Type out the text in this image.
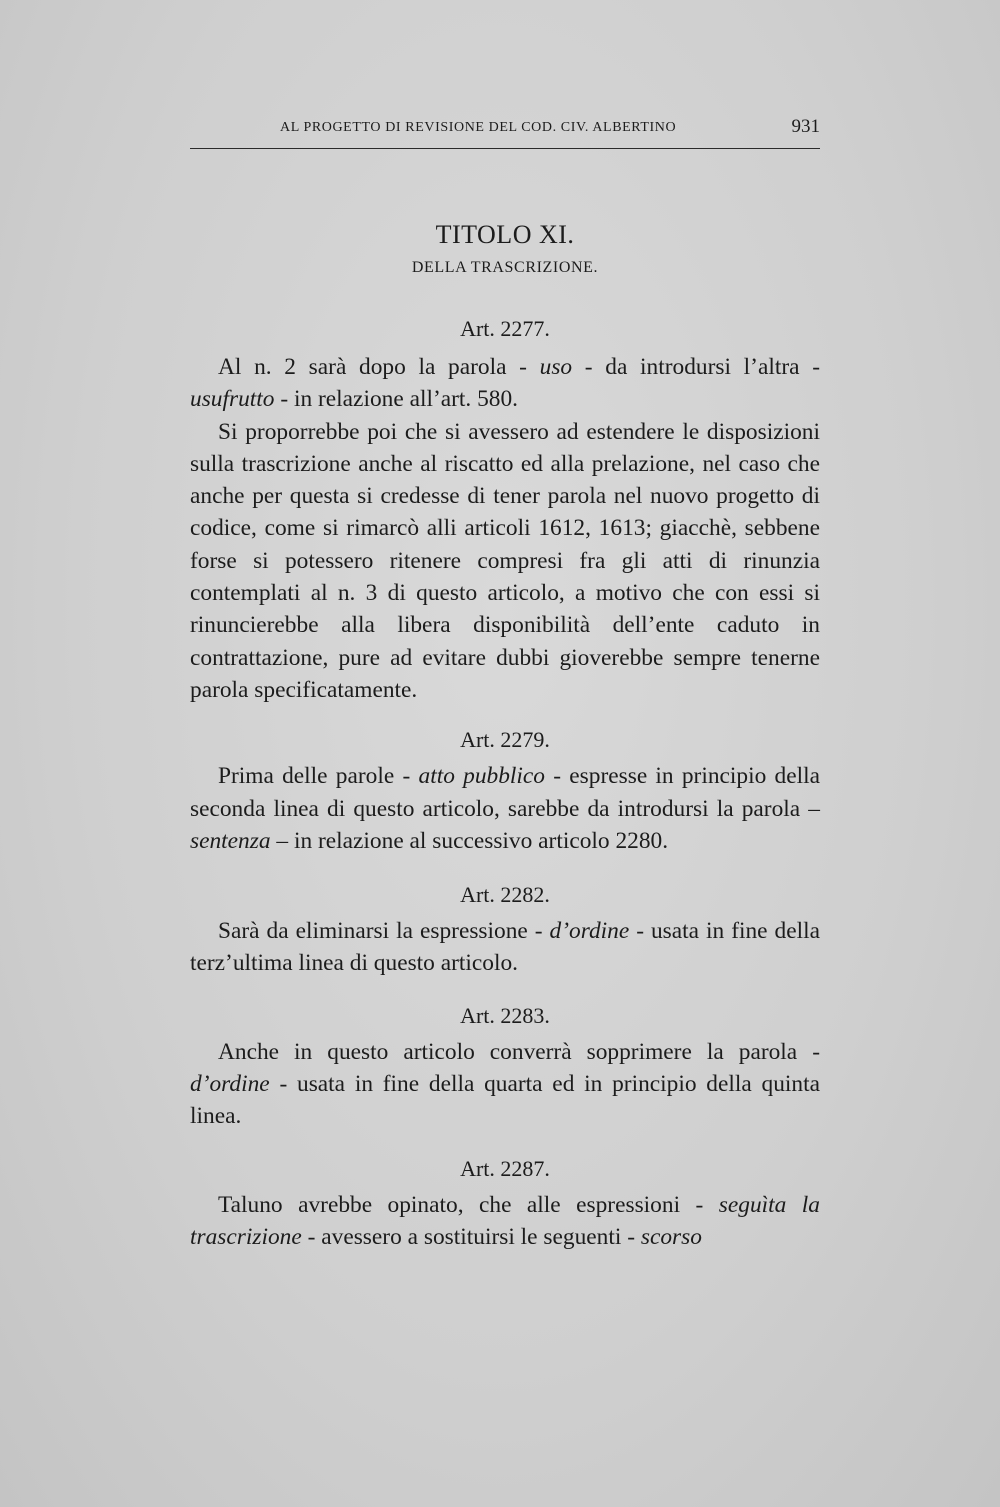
AL PROGETTO DI REVISIONE DEL COD. CIV. ALBERTINO	931
TITOLO XI.
DELLA TRASCRIZIONE.
Art. 2277.

Al n. 2 sarà dopo la parola - uso - da introdursi l’altra - usufrutto - in relazione all’art. 580.

Si proporrebbe poi che si avessero ad estendere le disposizioni sulla trascrizione anche al riscatto ed alla prelazione, nel caso che anche per questa si credesse di tener parola nel nuovo progetto di codice, come si rimarcò alli articoli 1612, 1613; giacchè, sebbene forse si potessero ritenere compresi fra gli atti di rinunzia contemplati al n. 3 di questo articolo, a motivo che con essi si rinuncierebbe alla libera disponibilità dell’ente caduto in contrattazione, pure ad evitare dubbi gioverebbe sempre tenerne parola specificatamente.

Art. 2279.

Prima delle parole - atto pubblico - espresse in principio della seconda linea di questo articolo, sarebbe da introdursi la parola – sentenza – in relazione al successivo articolo 2280.

Art. 2282.

Sarà da eliminarsi la espressione - d’ordine - usata in fine della terz’ultima linea di questo articolo.

Art. 2283.

Anche in questo articolo converrà sopprimere la parola - d’ordine - usata in fine della quarta ed in principio della quinta linea.

Art. 2287.

Taluno avrebbe opinato, che alle espressioni - seguìta la trascrizione - avessero a sostituirsi le seguenti - scorso
